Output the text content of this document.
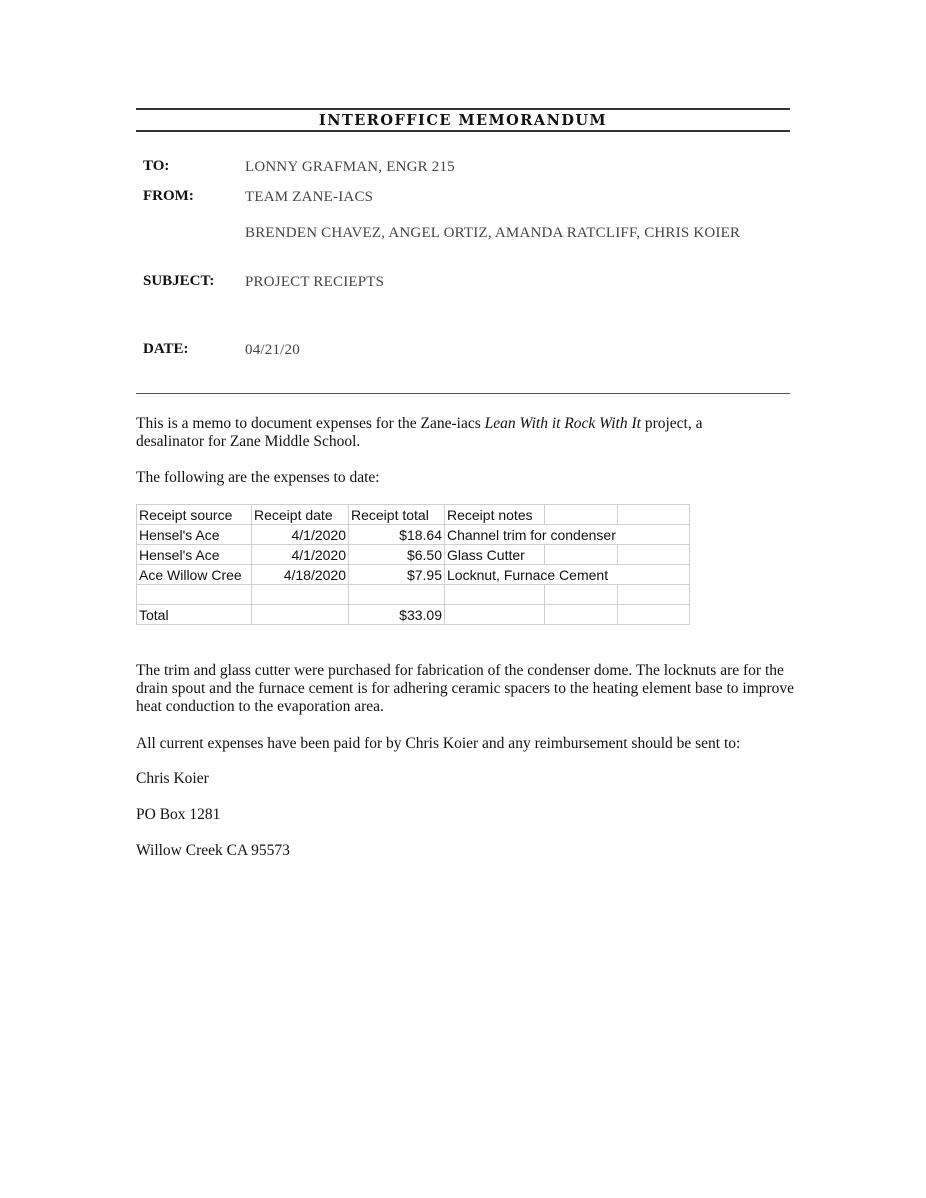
INTEROFFICE MEMORANDUM
TO:	LONNY GRAFMAN, ENGR 215
FROM:	TEAM ZANE-IACS
BRENDEN CHAVEZ, ANGEL ORTIZ, AMANDA RATCLIFF, CHRIS KOIER
SUBJECT: PROJECT RECIEPTS
DATE:	04/21/20
This is a memo to document expenses for the Zane-iacs Lean With it Rock With It project, a desalinator for Zane Middle School.
The following are the expenses to date:
Receipt source	Receipt date	Receipt total	Receipt notes		
Hensel's Ace	4/1/2020	$18.64	Channel trim for condenser		
Hensel's Ace	4/1/2020	$6.50	Glass Cutter		
Ace Willow Cree	4/18/2020	$7.95	Locknut, Furnace Cement		

Total		$33.09			
The trim and glass cutter were purchased for fabrication of the condenser dome. The locknuts are for the drain spout and the furnace cement is for adhering ceramic spacers to the heating element base to improve heat conduction to the evaporation area.
All current expenses have been paid for by Chris Koier and any reimbursement should be sent to:
Chris Koier
PO Box 1281
Willow Creek CA 95573
